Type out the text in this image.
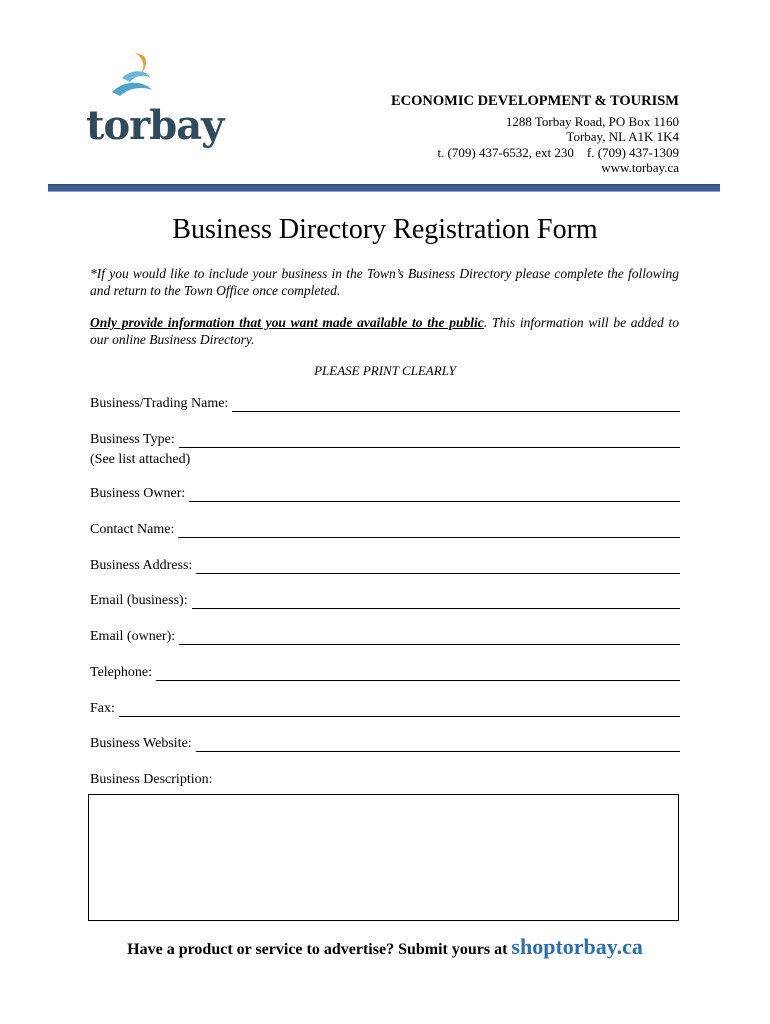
torbay
ECONOMIC DEVELOPMENT & TOURISM
1288 Torbay Road, PO Box 1160
Torbay, NL A1K 1K4
t. (709) 437-6532, ext 230    f. (709) 437-1309
www.torbay.ca
Business Directory Registration Form
*If you would like to include your business in the Town’s Business Directory please complete the following and return to the Town Office once completed.
Only provide information that you want made available to the public. This information will be added to our online Business Directory.
PLEASE PRINT CLEARLY
Business/Trading Name:
Business Type:
(See list attached)
Business Owner:
Contact Name:
Business Address:
Email (business):
Email (owner):
Telephone:
Fax:
Business Website:
Business Description:
Have a product or service to advertise? Submit yours at shoptorbay.ca
